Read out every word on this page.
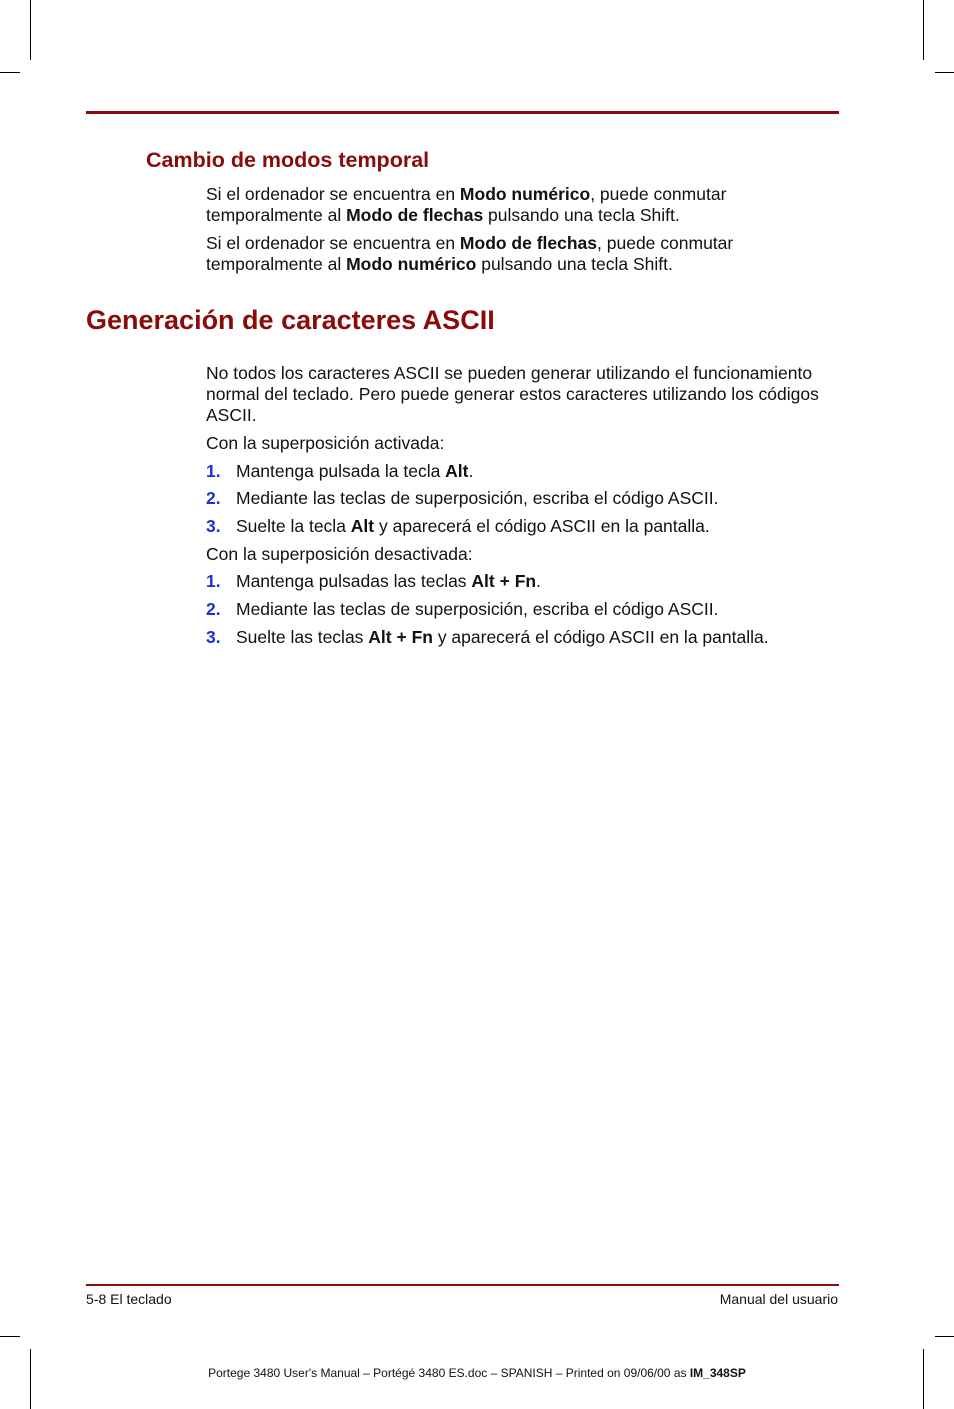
Cambio de modos temporal

Si el ordenador se encuentra en Modo numérico, puede conmutar temporalmente al Modo de flechas pulsando una tecla Shift.

Si el ordenador se encuentra en Modo de flechas, puede conmutar temporalmente al Modo numérico pulsando una tecla Shift.

Generación de caracteres ASCII

No todos los caracteres ASCII se pueden generar utilizando el funcionamiento normal del teclado. Pero puede generar estos caracteres utilizando los códigos ASCII.

Con la superposición activada:

1. Mantenga pulsada la tecla Alt.
2. Mediante las teclas de superposición, escriba el código ASCII.
3. Suelte la tecla Alt y aparecerá el código ASCII en la pantalla.

Con la superposición desactivada:

1. Mantenga pulsadas las teclas Alt + Fn.
2. Mediante las teclas de superposición, escriba el código ASCII.
3. Suelte las teclas Alt + Fn y aparecerá el código ASCII en la pantalla.
5-8 El teclado	Manual del usuario
Portege 3480 User's Manual – Portégé 3480 ES.doc – SPANISH – Printed on 09/06/00 as IM_348SP
